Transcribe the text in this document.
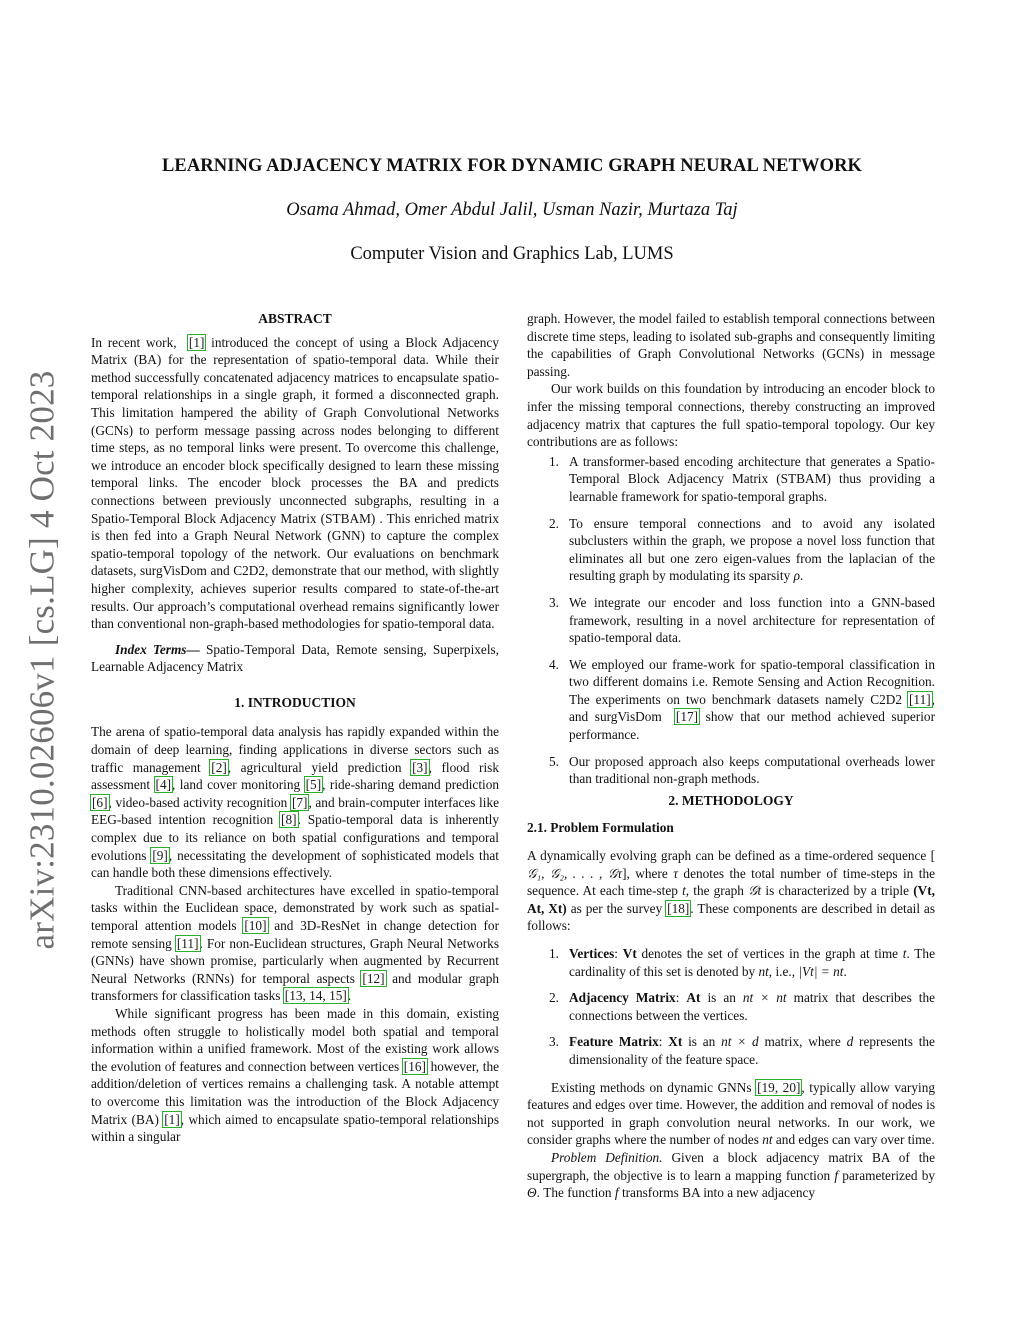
arXiv:2310.02606v1 [cs.LG] 4 Oct 2023
LEARNING ADJACENCY MATRIX FOR DYNAMIC GRAPH NEURAL NETWORK
Osama Ahmad, Omer Abdul Jalil, Usman Nazir, Murtaza Taj
Computer Vision and Graphics Lab, LUMS

ABSTRACT

In recent work, [1] introduced the concept of using a Block Adjacency Matrix (BA) for the representation of spatio-temporal data. While their method successfully concatenated adjacency matrices to encapsulate spatio-temporal relationships in a single graph, it formed a disconnected graph. This limitation hampered the ability of Graph Convolutional Networks (GCNs) to perform message passing across nodes belonging to different time steps, as no temporal links were present. To overcome this challenge, we introduce an encoder block specifically designed to learn these missing temporal links. The encoder block processes the BA and predicts connections between previously unconnected subgraphs, resulting in a Spatio-Temporal Block Adjacency Matrix (STBAM) . This enriched matrix is then fed into a Graph Neural Network (GNN) to capture the complex spatio-temporal topology of the network. Our evaluations on benchmark datasets, surgVisDom and C2D2, demonstrate that our method, with slightly higher complexity, achieves superior results compared to state-of-the-art results. Our approach’s computational overhead remains significantly lower than conventional non-graph-based methodologies for spatio-temporal data.

Index Terms— Spatio-Temporal Data, Remote sensing, Superpixels, Learnable Adjacency Matrix

1. INTRODUCTION

The arena of spatio-temporal data analysis has rapidly expanded within the domain of deep learning, finding applications in diverse sectors such as traffic management [2], agricultural yield prediction [3], flood risk assessment [4], land cover monitoring [5], ride-sharing demand prediction [6], video-based activity recognition [7], and brain-computer interfaces like EEG-based intention recognition [8]. Spatio-temporal data is inherently complex due to its reliance on both spatial configurations and temporal evolutions [9], necessitating the development of sophisticated models that can handle both these dimensions effectively.

Traditional CNN-based architectures have excelled in spatio-temporal tasks within the Euclidean space, demonstrated by work such as spatial-temporal attention models [10] and 3D-ResNet in change detection for remote sensing [11]. For non-Euclidean structures, Graph Neural Networks (GNNs) have shown promise, particularly when augmented by Recurrent Neural Networks (RNNs) for temporal aspects [12] and modular graph transformers for classification tasks [13, 14, 15].

While significant progress has been made in this domain, existing methods often struggle to holistically model both spatial and temporal information within a unified framework. Most of the existing work allows the evolution of features and connection between vertices [16] however, the addition/deletion of vertices remains a challenging task. A notable attempt to overcome this limitation was the introduction of the Block Adjacency Matrix (BA) [1], which aimed to encapsulate spatio-temporal relationships within a singular

graph. However, the model failed to establish temporal connections between discrete time steps, leading to isolated sub-graphs and consequently limiting the capabilities of Graph Convolutional Networks (GCNs) in message passing.

Our work builds on this foundation by introducing an encoder block to infer the missing temporal connections, thereby constructing an improved adjacency matrix that captures the full spatio-temporal topology. Our key contributions are as follows:

1. A transformer-based encoding architecture that generates a Spatio-Temporal Block Adjacency Matrix (STBAM) thus providing a learnable framework for spatio-temporal graphs.
2. To ensure temporal connections and to avoid any isolated subclusters within the graph, we propose a novel loss function that eliminates all but one zero eigen-values from the laplacian of the resulting graph by modulating its sparsity ρ.
3. We integrate our encoder and loss function into a GNN-based framework, resulting in a novel architecture for representation of spatio-temporal data.
4. We employed our frame-work for spatio-temporal classification in two different domains i.e. Remote Sensing and Action Recognition. The experiments on two benchmark datasets namely C2D2 [11], and surgVisDom [17] show that our method achieved superior performance.
5. Our proposed approach also keeps computational overheads lower than traditional non-graph methods.

2. METHODOLOGY

2.1. Problem Formulation

A dynamically evolving graph can be defined as a time-ordered sequence [ 𝒢₁, 𝒢₂, . . . , 𝒢τ], where τ denotes the total number of time-steps in the sequence. At each time-step t, the graph 𝒢t is characterized by a triple (Vt, At, Xt) as per the survey [18]. These components are described in detail as follows:

1. Vertices: Vt denotes the set of vertices in the graph at time t. The cardinality of this set is denoted by nt, i.e., |Vt| = nt.
2. Adjacency Matrix: At is an nt × nt matrix that describes the connections between the vertices.
3. Feature Matrix: Xt is an nt × d matrix, where d represents the dimensionality of the feature space.

Existing methods on dynamic GNNs [19, 20], typically allow varying features and edges over time. However, the addition and removal of nodes is not supported in graph convolution neural networks. In our work, we consider graphs where the number of nodes nt and edges can vary over time.

Problem Definition. Given a block adjacency matrix BA of the supergraph, the objective is to learn a mapping function f parameterized by Θ. The function f transforms BA into a new adjacency
